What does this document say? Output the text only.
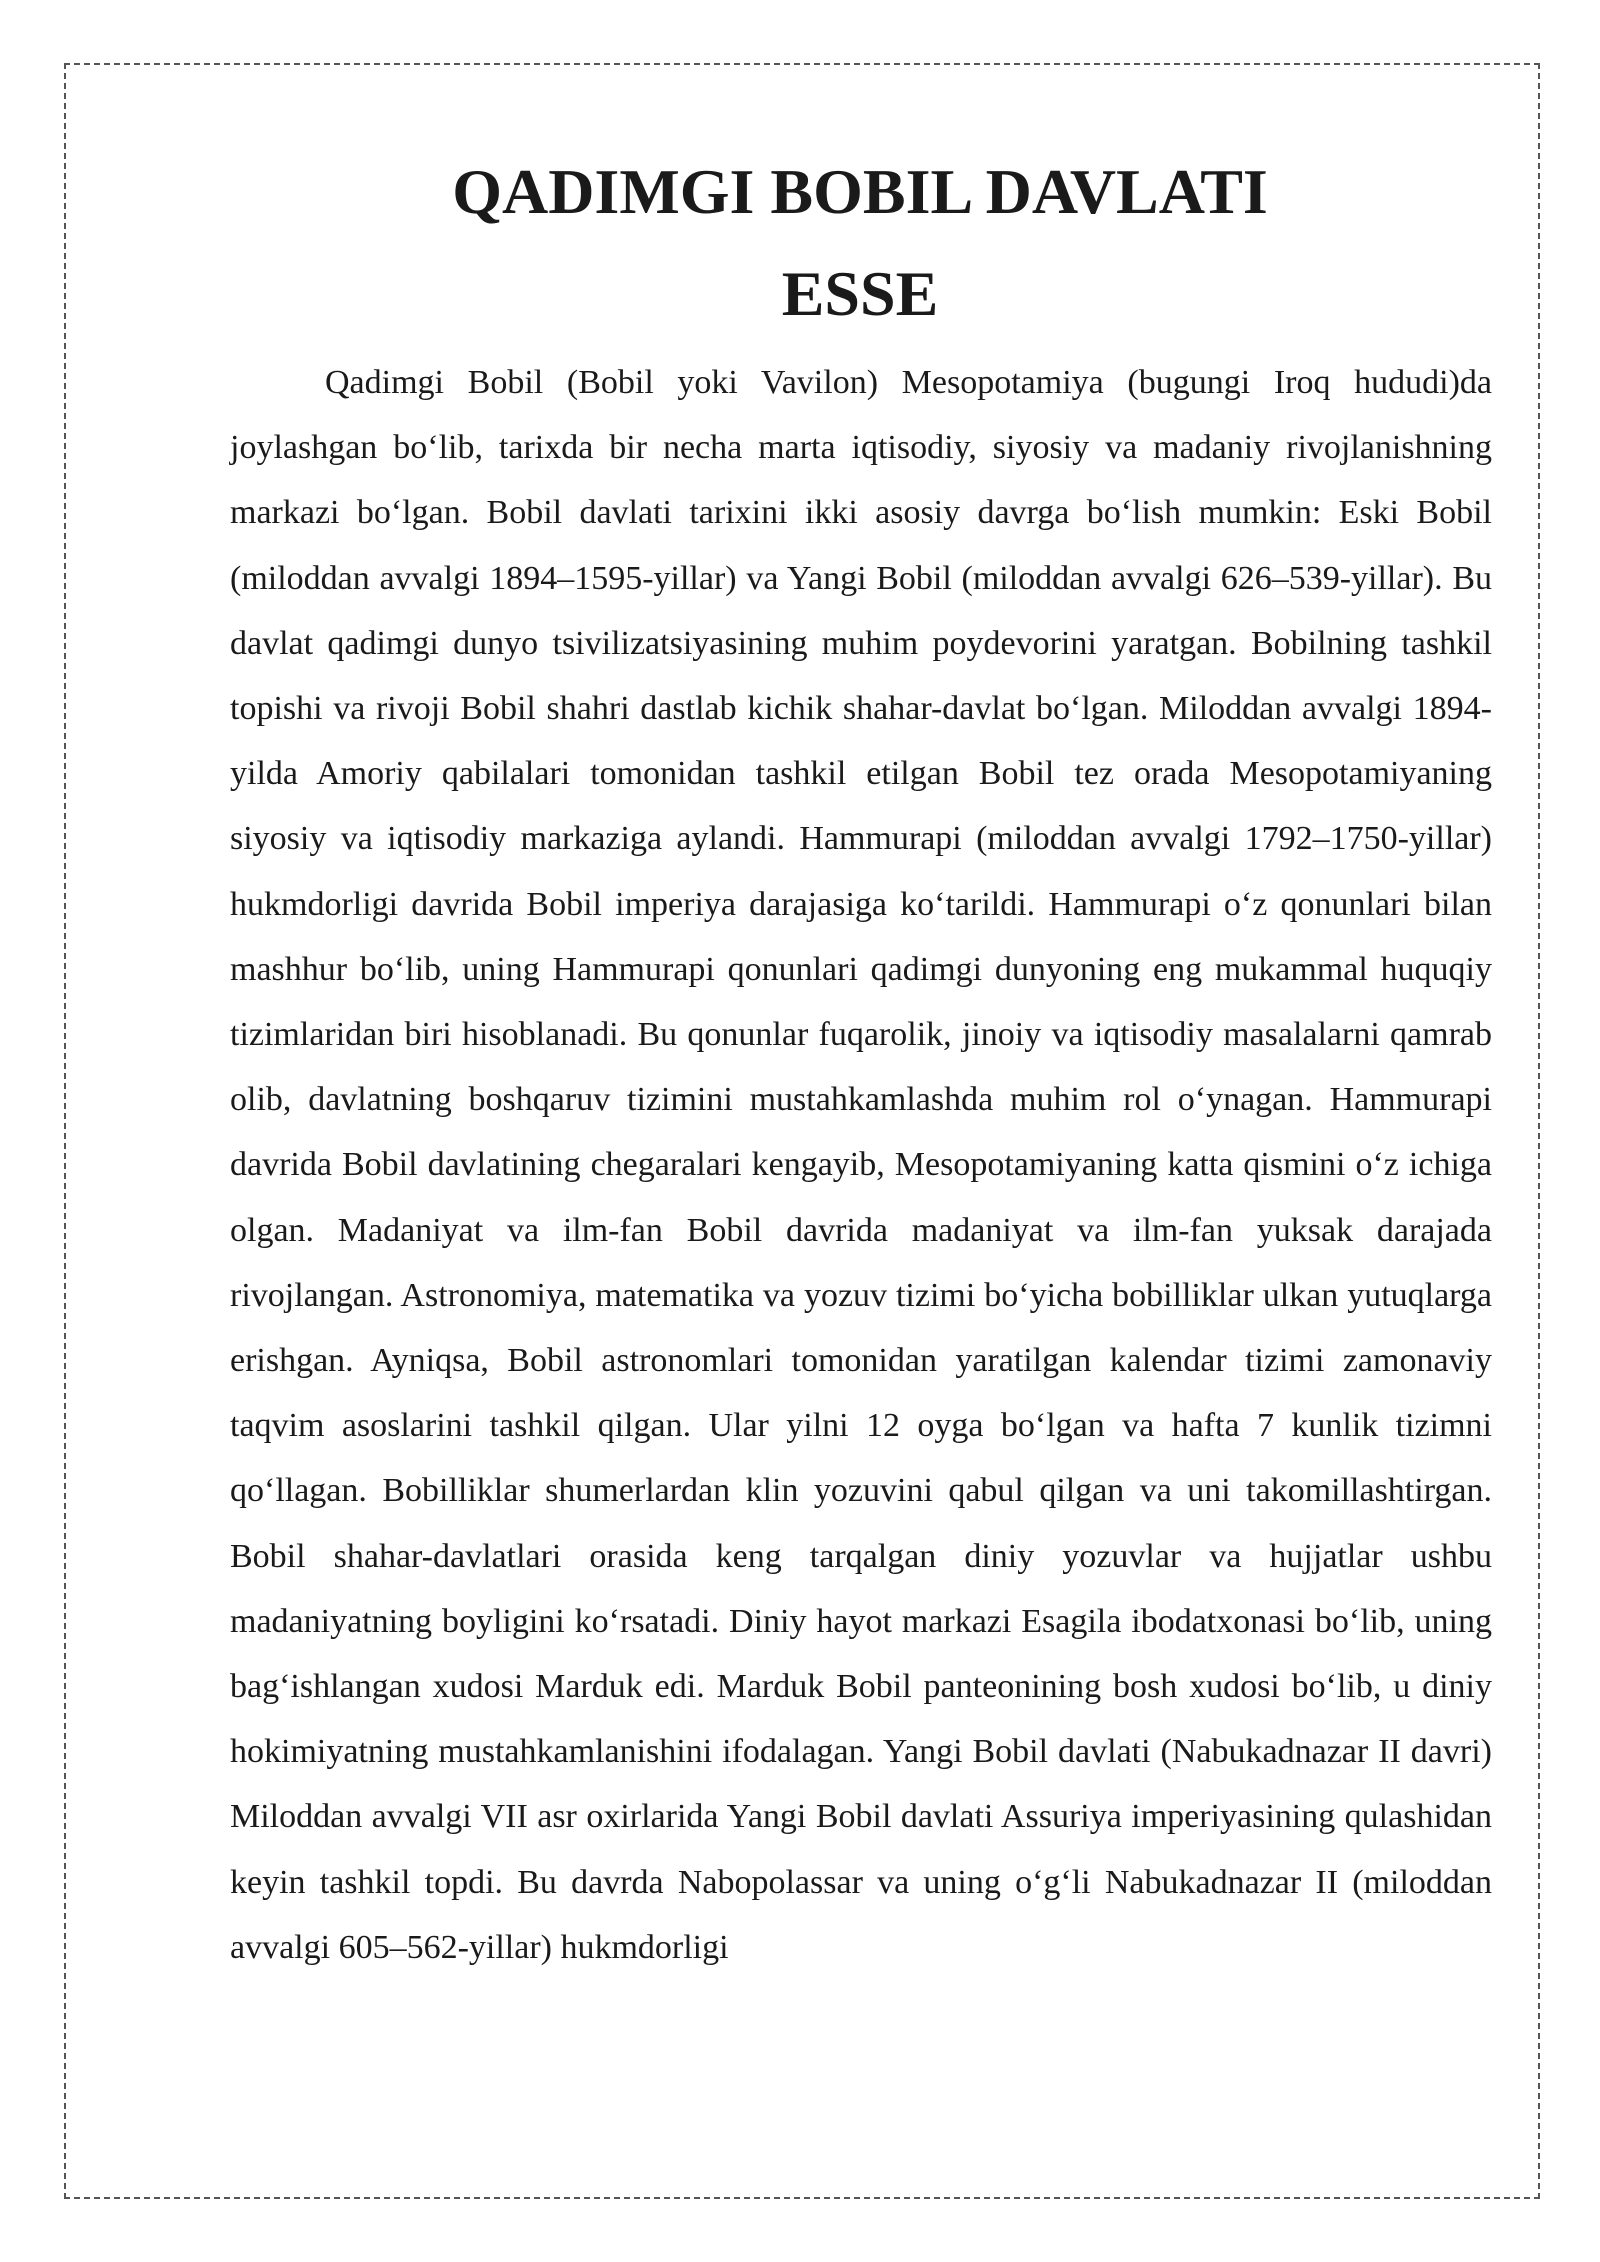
QADIMGI BOBIL DAVLATI
ESSE

Qadimgi Bobil (Bobil yoki Vavilon) Mesopotamiya (bugungi Iroq hududi)da joylashgan bo‘lib, tarixda bir necha marta iqtisodiy, siyosiy va madaniy rivojlanishning markazi bo‘lgan. Bobil davlati tarixini ikki asosiy davrga bo‘lish mumkin: Eski Bobil (miloddan avvalgi 1894–1595-yillar) va Yangi Bobil (miloddan avvalgi 626–539-yillar). Bu davlat qadimgi dunyo tsivilizatsiyasining muhim poydevorini yaratgan. Bobilning tashkil topishi va rivoji Bobil shahri dastlab kichik shahar-davlat bo‘lgan. Miloddan avvalgi 1894-yilda Amoriy qabilalari tomonidan tashkil etilgan Bobil tez orada Mesopotamiyaning siyosiy va iqtisodiy markaziga aylandi. Hammurapi (miloddan avvalgi 1792–1750-yillar) hukmdorligi davrida Bobil imperiya darajasiga ko‘tarildi. Hammurapi o‘z qonunlari bilan mashhur bo‘lib, uning Hammurapi qonunlari qadimgi dunyoning eng mukammal huquqiy tizimlaridan biri hisoblanadi. Bu qonunlar fuqarolik, jinoiy va iqtisodiy masalalarni qamrab olib, davlatning boshqaruv tizimini mustahkamlashda muhim rol o‘ynagan. Hammurapi davrida Bobil davlatining chegaralari kengayib, Mesopotamiyaning katta qismini o‘z ichiga olgan. Madaniyat va ilm-fan Bobil davrida madaniyat va ilm-fan yuksak darajada rivojlangan. Astronomiya, matematika va yozuv tizimi bo‘yicha bobilliklar ulkan yutuqlarga erishgan. Ayniqsa, Bobil astronomlari tomonidan yaratilgan kalendar tizimi zamonaviy taqvim asoslarini tashkil qilgan. Ular yilni 12 oyga bo‘lgan va hafta 7 kunlik tizimni qo‘llagan. Bobilliklar shumerlardan klin yozuvini qabul qilgan va uni takomillashtirgan. Bobil shahar-davlatlari orasida keng tarqalgan diniy yozuvlar va hujjatlar ushbu madaniyatning boyligini ko‘rsatadi. Diniy hayot markazi Esagila ibodatxonasi bo‘lib, uning bag‘ishlangan xudosi Marduk edi. Marduk Bobil panteonining bosh xudosi bo‘lib, u diniy hokimiyatning mustahkamlanishini ifodalagan. Yangi Bobil davlati (Nabukadnazar II davri) Miloddan avvalgi VII asr oxirlarida Yangi Bobil davlati Assuriya imperiyasining qulashidan keyin tashkil topdi. Bu davrda Nabopolassar va uning o‘g‘li Nabukadnazar II (miloddan avvalgi 605–562-yillar) hukmdorligi
